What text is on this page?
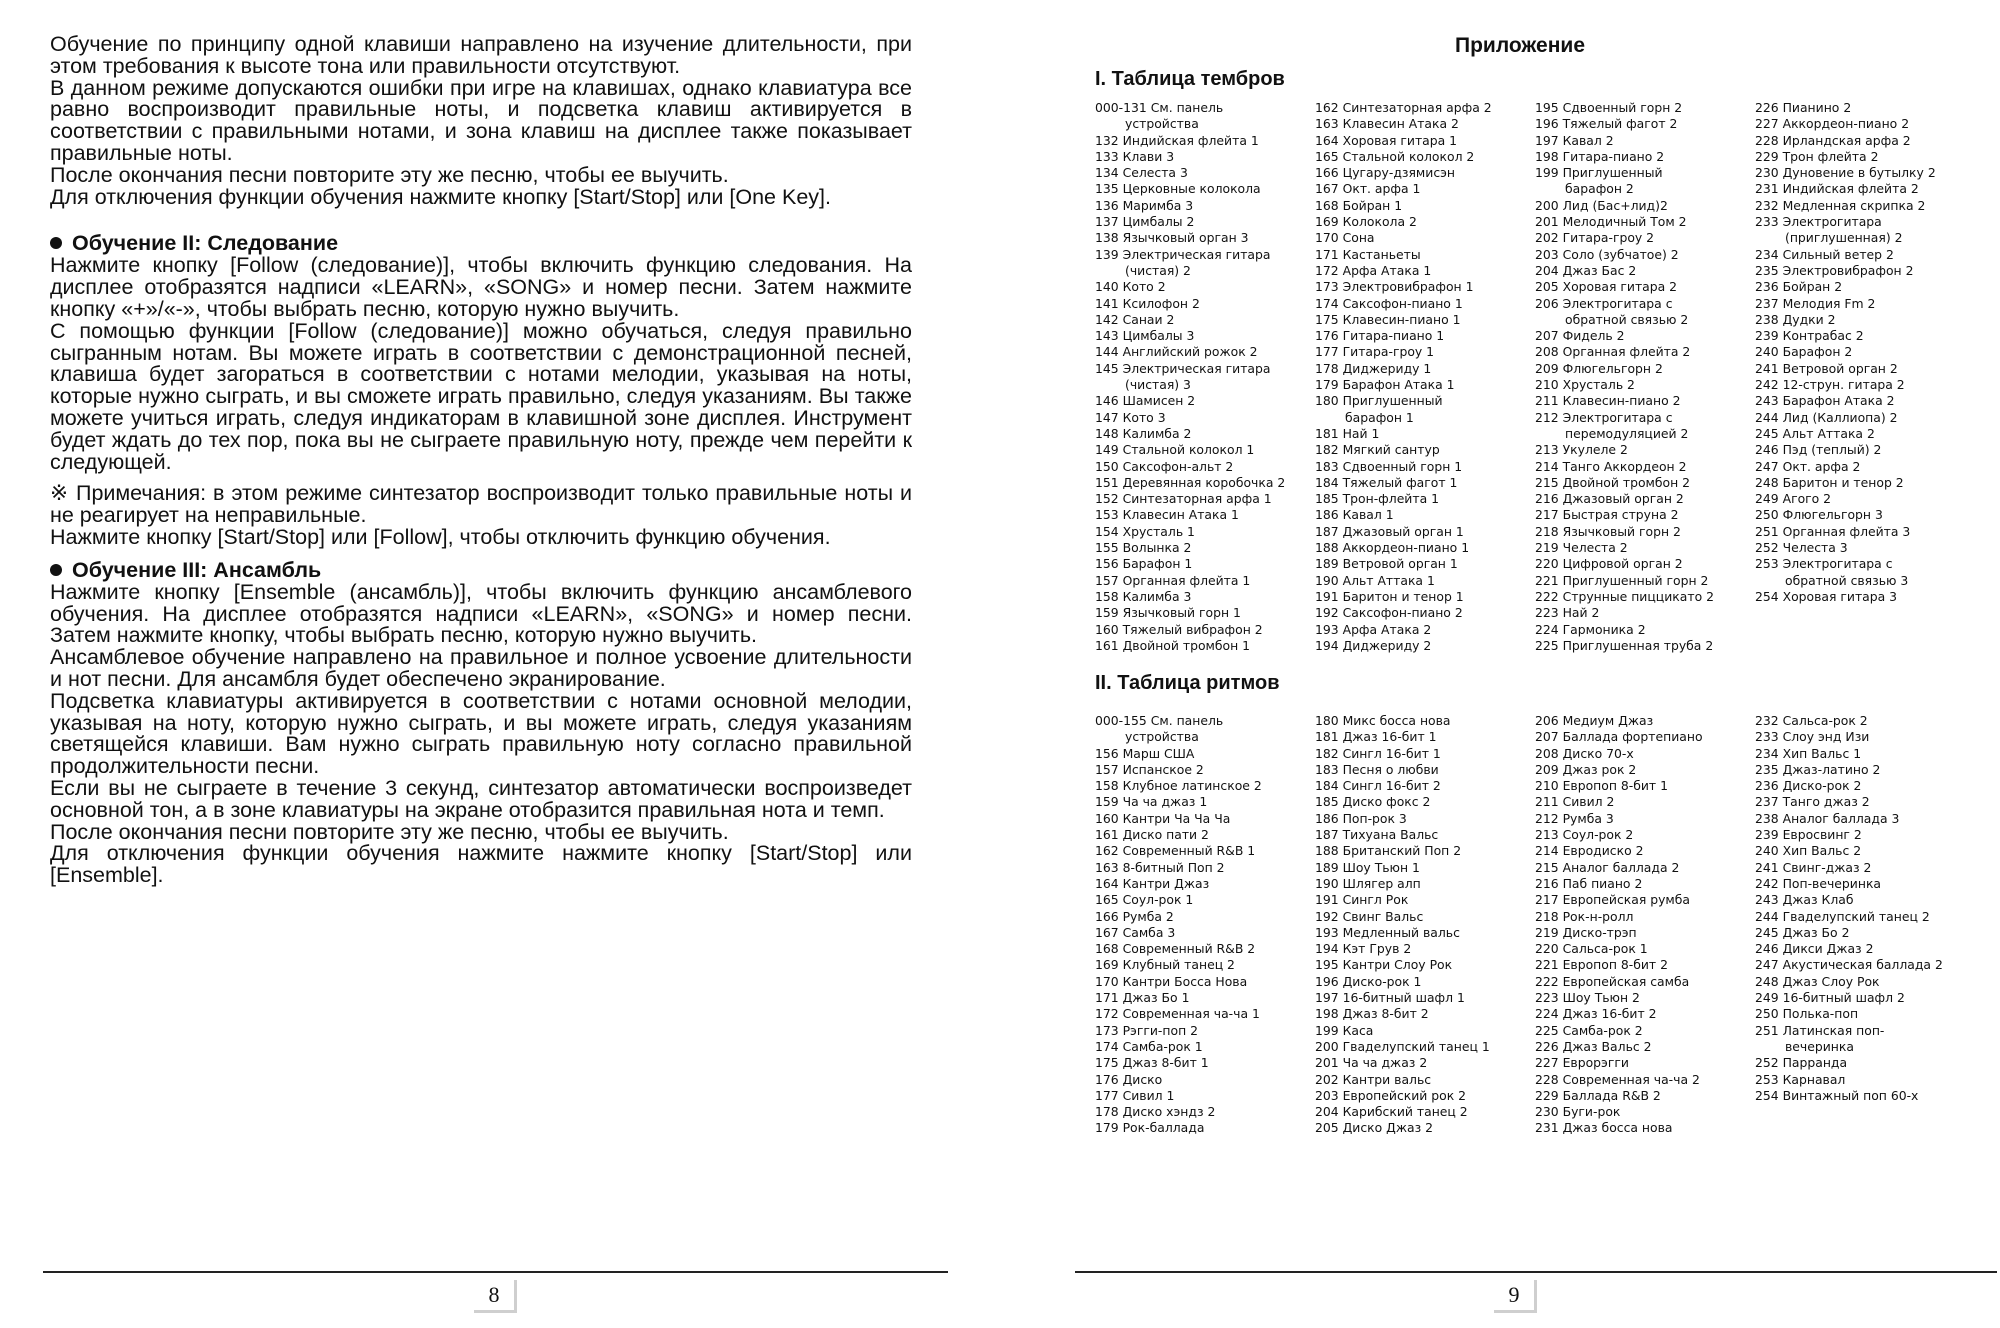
Обучение по принципу одной клавиши направлено на изучение длительности, при этом требования к высоте тона или правильности отсутствуют.

В данном режиме допускаются ошибки при игре на клавишах, однако клавиатура все равно воспроизводит правильные ноты, и подсветка клавиш активируется в соответствии с правильными нотами, и зона клавиш на дисплее также показывает правильные ноты.

После окончания песни повторите эту же песню, чтобы ее выучить.

Для отключения функции обучения нажмите кнопку [Start/Stop] или [One Key].

Обучение II: Следование

Нажмите кнопку [Follow (следование)], чтобы включить функцию следования. На дисплее отобразятся надписи «LEARN», «SONG» и номер песни. Затем нажмите кнопку «+»/«-», чтобы выбрать песню, которую нужно выучить.

С помощью функции [Follow (следование)] можно обучаться, следуя правильно сыгранным нотам. Вы можете играть в соответствии с демонстрационной песней, клавиша будет загораться в соответствии с нотами мелодии, указывая на ноты, которые нужно сыграть, и вы сможете играть правильно, следуя указаниям. Вы также можете учиться играть, следуя индикаторам в клавишной зоне дисплея. Инструмент будет ждать до тех пор, пока вы не сыграете правильную ноту, прежде чем перейти к следующей.

※ Примечания: в этом режиме синтезатор воспроизводит только правильные ноты и не реагирует на неправильные.

Нажмите кнопку [Start/Stop] или [Follow], чтобы отключить функцию обучения.

Обучение III: Ансамбль

Нажмите кнопку [Ensemble (ансамбль)], чтобы включить функцию ансамблевого обучения. На дисплее отобразятся надписи «LEARN», «SONG» и номер песни. Затем нажмите кнопку, чтобы выбрать песню, которую нужно выучить.

Ансамблевое обучение направлено на правильное и полное усвоение длительности и нот песни. Для ансамбля будет обеспечено экранирование.

Подсветка клавиатуры активируется в соответствии с нотами основной мелодии, указывая на ноту, которую нужно сыграть, и вы можете играть, следуя указаниям светящейся клавиши. Вам нужно сыграть правильную ноту согласно правильной продолжительности песни.

Если вы не сыграете в течение 3 секунд, синтезатор автоматически воспроизведет основной тон, а в зоне клавиатуры на экране отобразится правильная нота и темп.

После окончания песни повторите эту же песню, чтобы ее выучить.

Для отключения функции обучения нажмите нажмите кнопку [Start/Stop] или [Ensemble].

8
Приложение
I. Таблица тембров
000-131 См. панель
устройства
132 Индийская флейта 1
133 Клави 3
134 Селеста 3
135 Церковные колокола
136 Маримба 3
137 Цимбалы 2
138 Язычковый орган 3
139 Электрическая гитара
(чистая) 2
140 Кото 2
141 Ксилофон 2
142 Санаи 2
143 Цимбалы 3
144 Английский рожок 2
145 Электрическая гитара
(чистая) 3
146 Шамисен 2
147 Кото 3
148 Калимба 2
149 Стальной колокол 1
150 Саксофон-альт 2
151 Деревянная коробочка 2
152 Синтезаторная арфа 1
153 Клавесин Атака 1
154 Хрусталь 1
155 Волынка 2
156 Барафон 1
157 Органная флейта 1
158 Калимба 3
159 Язычковый горн 1
160 Тяжелый вибрафон 2
161 Двойной тромбон 1
162 Синтезаторная арфа 2
163 Клавесин Атака 2
164 Хоровая гитара 1
165 Стальной колокол 2
166 Цугару-дзямисэн
167 Окт. арфа 1
168 Бойран 1
169 Колокола 2
170 Сона
171 Кастаньеты
172 Арфа Атака 1
173 Электровибрафон 1
174 Саксофон-пиано 1
175 Клавесин-пиано 1
176 Гитара-пиано 1
177 Гитара-грoу 1
178 Диджериду 1
179 Барафон Атака 1
180 Приглушенный
барафон 1
181 Най 1
182 Мягкий сантур
183 Сдвоенный горн 1
184 Тяжелый фагот 1
185 Трон-флейта 1
186 Кавал 1
187 Джазовый орган 1
188 Аккордеон-пиано 1
189 Ветровой орган 1
190 Альт Аттака 1
191 Баритон и тенор 1
192 Саксофон-пиано 2
193 Арфа Атака 2
194 Диджериду 2
195 Сдвоенный горн 2
196 Тяжелый фагот 2
197 Кавал 2
198 Гитара-пиано 2
199 Приглушенный
барафон 2
200 Лид (Бас+лид)2
201 Мелодичный Том 2
202 Гитара-грoу 2
203 Соло (зубчатое) 2
204 Джаз Бас 2
205 Хоровая гитара 2
206 Электрогитара с
обратной связью 2
207 Фидель 2
208 Органная флейта 2
209 Флюгельгорн 2
210 Хрусталь 2
211 Клавесин-пиано 2
212 Электрогитара с
перемодуляцией 2
213 Укулеле 2
214 Танго Аккордеон 2
215 Двойной тромбон 2
216 Джазовый орган 2
217 Быстрая струна 2
218 Язычковый горн 2
219 Челеста 2
220 Цифровой орган 2
221 Приглушенный горн 2
222 Струнные пиццикато 2
223 Най 2
224 Гармоника 2
225 Приглушенная труба 2
226 Пианино 2
227 Аккордеон-пиано 2
228 Ирландская арфа 2
229 Трон флейта 2
230 Дуновение в бутылку 2
231 Индийская флейта 2
232 Медленная скрипка 2
233 Электрогитара
(приглушенная) 2
234 Сильный ветер 2
235 Электровибрафон 2
236 Бойран 2
237 Мелодия Fm 2
238 Дудки 2
239 Контрабас 2
240 Барафон 2
241 Ветровой орган 2
242 12-струн. гитара 2
243 Барафон Атака 2
244 Лид (Каллиопа) 2
245 Альт Аттака 2
246 Пэд (теплый) 2
247 Окт. арфа 2
248 Баритон и тенор 2
249 Агого 2
250 Флюгельгорн 3
251 Органная флейта 3
252 Челеста 3
253 Электрогитара с
обратной связью 3
254 Хоровая гитара 3
II. Таблица ритмов
000-155 См. панель
устройства
156 Марш США
157 Испанское 2
158 Клубное латинское 2
159 Ча ча джаз 1
160 Кантри Ча Ча Ча
161 Диско пати 2
162 Современный R&B 1
163 8-битный Поп 2
164 Кантри Джаз
165 Соул-рок 1
166 Румба 2
167 Самба 3
168 Современный R&B 2
169 Клубный танец 2
170 Кантри Босса Нова
171 Джаз Бо 1
172 Современная ча-ча 1
173 Рэгги-поп 2
174 Самба-рок 1
175 Джаз 8-бит 1
176 Диско
177 Сивил 1
178 Диско хэндз 2
179 Рок-баллада
180 Микс босса нова
181 Джаз 16-бит 1
182 Сингл 16-бит 1
183 Песня о любви
184 Сингл 16-бит 2
185 Диско фокс 2
186 Поп-рок 3
187 Тихуана Вальс
188 Британский Поп 2
189 Шоу Тьюн 1
190 Шлягер алп
191 Сингл Рок
192 Свинг Вальс
193 Медленный вальс
194 Кэт Грув 2
195 Кантри Слоу Рок
196 Диско-рок 1
197 16-битный шафл 1
198 Джаз 8-бит 2
199 Каса
200 Гваделупский танец 1
201 Ча ча джаз 2
202 Кантри вальс
203 Европейский рок 2
204 Карибский танец 2
205 Диско Джаз 2
206 Медиум Джаз
207 Баллада фортепиано
208 Диско 70-х
209 Джаз рок 2
210 Европоп 8-бит 1
211 Сивил 2
212 Румба 3
213 Соул-рок 2
214 Евродиско 2
215 Аналог баллада 2
216 Паб пиано 2
217 Европейская румба
218 Рок-н-ролл
219 Диско-трэп
220 Сальса-рок 1
221 Европоп 8-бит 2
222 Европейская самба
223 Шоу Тьюн 2
224 Джаз 16-бит 2
225 Самба-рок 2
226 Джаз Вальс 2
227 Еврорэгги
228 Современная ча-ча 2
229 Баллада R&B 2
230 Буги-рок
231 Джаз босса нова
232 Сальса-рок 2
233 Слоу энд Изи
234 Хип Вальс 1
235 Джаз-латино 2
236 Диско-рок 2
237 Танго джаз 2
238 Аналог баллада 3
239 Евросвинг 2
240 Хип Вальс 2
241 Свинг-джаз 2
242 Поп-вечеринка
243 Джаз Клаб
244 Гваделупский танец 2
245 Джаз Бо 2
246 Дикси Джаз 2
247 Акустическая баллада 2
248 Джаз Слоу Рок
249 16-битный шафл 2
250 Полька-поп
251 Латинская поп-
вечеринка
252 Парранда
253 Карнавал
254 Винтажный поп 60-х
9
